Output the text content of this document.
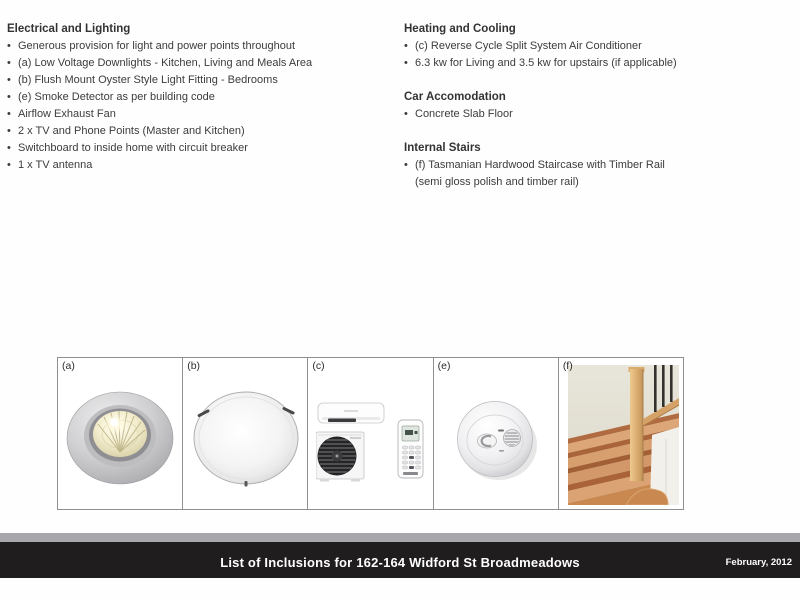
Electrical and Lighting
• Generous provision for light and power points throughout
• (a) Low Voltage Downlights - Kitchen, Living and Meals Area
• (b) Flush Mount Oyster Style Light Fitting - Bedrooms
• (e) Smoke Detector as per building code
• Airflow Exhaust Fan
• 2 x TV and Phone Points (Master and Kitchen)
• Switchboard to inside home with circuit breaker
• 1 x TV antenna
Heating and Cooling
• (c) Reverse Cycle Split System Air Conditioner
• 6.3 kw for Living and 3.5 kw for upstairs (if applicable)
Car Accomodation
• Concrete Slab Floor
Internal Stairs
• (f) Tasmanian Hardwood Staircase with Timber Rail
(semi gloss polish and timber rail)
(a)	(b)	(c)	(e)	(f)
List of Inclusions for 162-164 Widford St Broadmeadows	February, 2012
